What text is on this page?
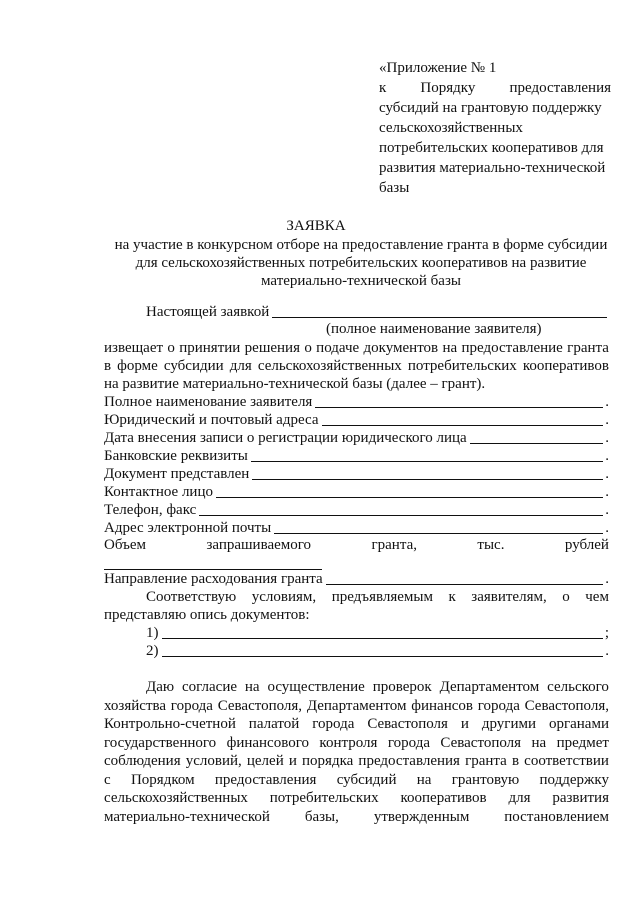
«Приложение № 1
к Порядку предоставления
субсидий на грантовую поддержку
сельскохозяйственных
потребительских кооперативов для
развития материально-технической
базы
ЗАЯВКА
на участие в конкурсном отборе на предоставление гранта в форме субсидии
для сельскохозяйственных потребительских кооперативов на развитие
материально-технической базы
Настоящей заявкой
(полное наименование заявителя)
извещает о принятии решения о подаче документов на предоставление гранта
в форме субсидии для сельскохозяйственных потребительских кооперативов
на развитие материально-технической базы (далее – грант).
Полное наименование заявителя	.
Юридический и почтовый адреса	.
Дата внесения записи о регистрации юридического лица	.
Банковские реквизиты	.
Документ представлен	.
Контактное лицо	.
Телефон, факс	.
Адрес электронной почты	.
Объем	запрашиваемого	гранта,	тыс.	рублей
Направление расходования гранта	.
Соответствую условиям, предъявляемым к заявителям, о чем
представляю опись документов:
1)	;
2)	.
Даю согласие на осуществление проверок Департаментом сельского
хозяйства города Севастополя, Департаментом финансов города Севастополя,
Контрольно-счетной палатой города Севастополя и другими органами
государственного финансового контроля города Севастополя на предмет
соблюдения условий, целей и порядка предоставления гранта в соответствии
с Порядком предоставления субсидий на грантовую поддержку
сельскохозяйственных потребительских кооперативов для развития
материально-технической базы, утвержденным постановлением
